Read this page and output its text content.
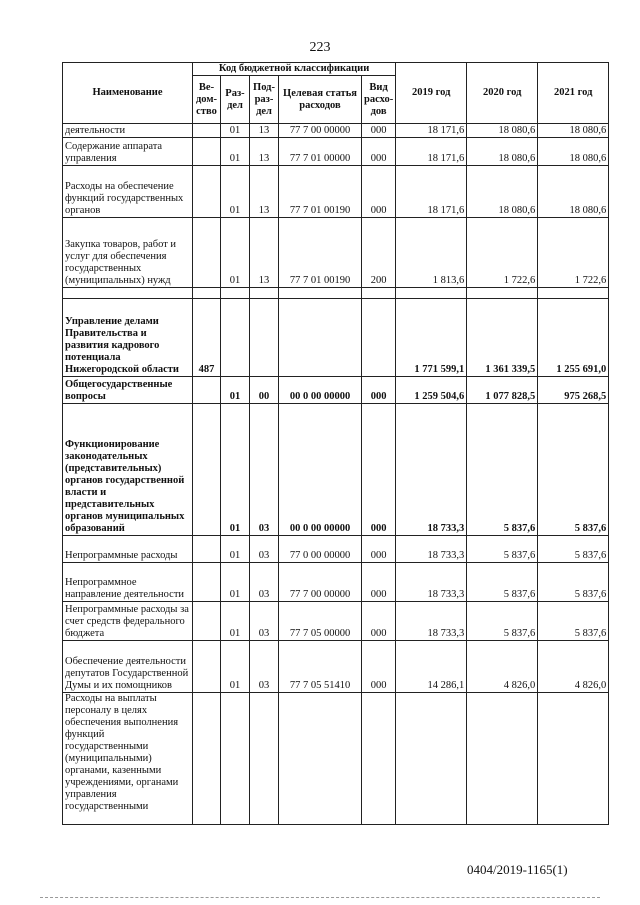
223
Наименование	Код бюджетной классификации					2019 год	2020 год	2021 год
	Ве-дом-ство	Раз-дел	Под-раз-дел	Целевая статья расходов	Вид расхо-дов			
деятельности		01	13	77 7 00 00000	000	18 171,6	18 080,6	18 080,6
Содержание аппарата управления		01	13	77 7 01 00000	000	18 171,6	18 080,6	18 080,6
Расходы на обеспечение функций государственных органов		01	13	77 7 01 00190	000	18 171,6	18 080,6	18 080,6
Закупка товаров, работ и услуг для обеспечения государственных (муниципальных) нужд		01	13	77 7 01 00190	200	1 813,6	1 722,6	1 722,6

Управление делами Правительства и развития кадрового потенциала Нижегородской области	487					1 771 599,1	1 361 339,5	1 255 691,0
Общегосударственные вопросы		01	00	00 0 00 00000	000	1 259 504,6	1 077 828,5	975 268,5
Функционирование законодательных (представительных) органов государственной власти и представительных органов муниципальных образований		01	03	00 0 00 00000	000	18 733,3	5 837,6	5 837,6
Непрограммные расходы		01	03	77 0 00 00000	000	18 733,3	5 837,6	5 837,6
Непрограммное направление деятельности		01	03	77 7 00 00000	000	18 733,3	5 837,6	5 837,6
Непрограммные расходы за счет средств федерального бюджета		01	03	77 7 05 00000	000	18 733,3	5 837,6	5 837,6
Обеспечение деятельности депутатов Государственной Думы и их помощников		01	03	77 7 05 51410	000	14 286,1	4 826,0	4 826,0
Расходы на выплаты персоналу в целях обеспечения выполнения функций государственными (муниципальными) органами, казенными учреждениями, органами управления государственными								
0404/2019-1165(1)
